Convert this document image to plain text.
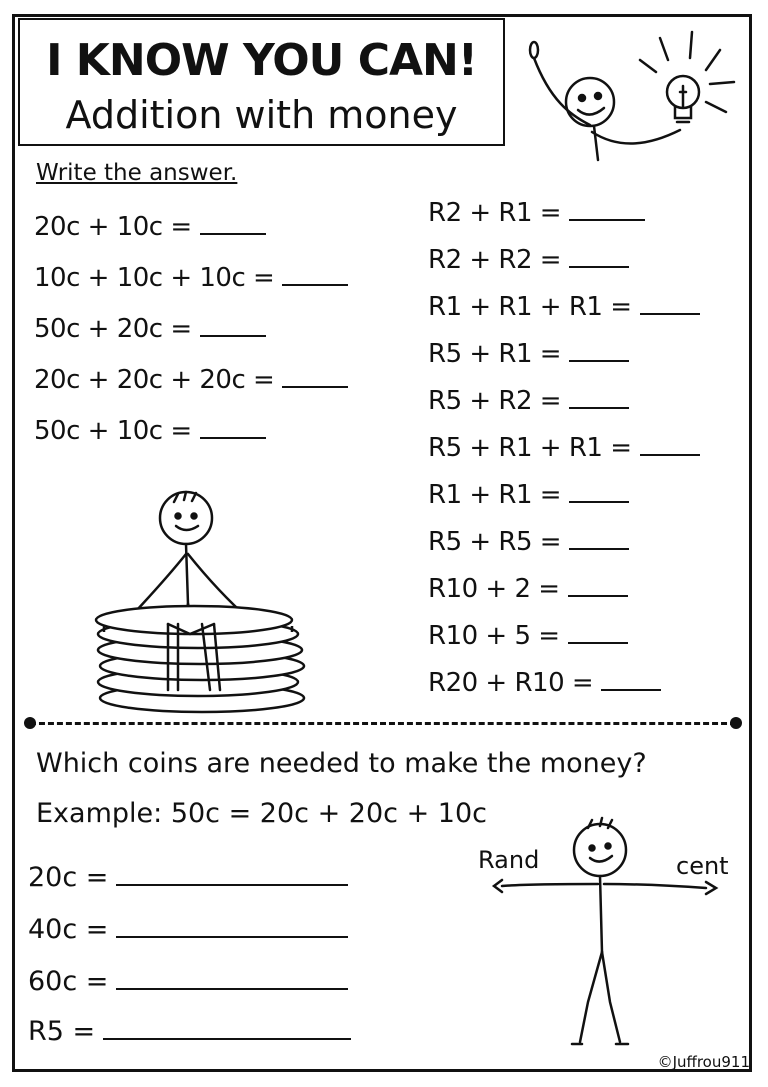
I KNOW YOU CAN!
Addition with money
Write the answer.
20c + 10c =
10c + 10c + 10c =
50c + 20c =
20c + 20c + 20c =
50c + 10c =
R2 + R1 =
R2 + R2 =
R1 + R1 + R1 =
R5 + R1 =
R5 + R2 =
R5 + R1 + R1 =
R1 + R1 =
R5 + R5 =
R10 + 2 =
R10 + 5 =
R20 + R10 =
Which coins are needed to make the money?
Example: 50c = 20c + 20c + 10c
20c =
40c =
60c =
R5 =
Rand	cent
©Juffrou911
